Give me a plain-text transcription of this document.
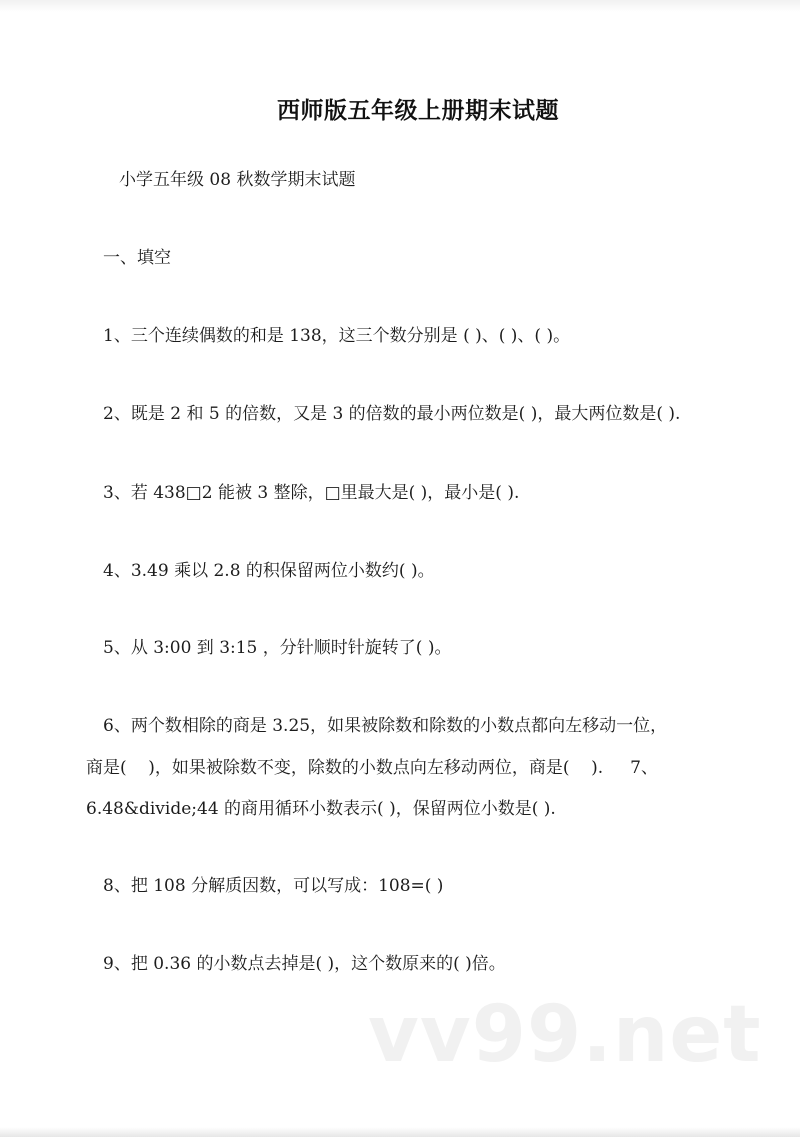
西师版五年级上册期末试题
小学五年级 08 秋数学期末试题
一、填空
1、三个连续偶数的和是 138，这三个数分别是 ( )、( )、( )。
2、既是 2 和 5 的倍数，又是 3 的倍数的最小两位数是( )，最大两位数是( ).
3、若 438□2 能被 3 整除，□里最大是( )，最小是( ).
4、3.49 乘以 2.8 的积保留两位小数约( )。
5、从 3:00 到 3:15 ，分针顺时针旋转了( )。
6、两个数相除的商是 3.25，如果被除数和除数的小数点都向左移动一位，
商是(    )，如果被除数不变，除数的小数点向左移动两位，商是(    ).     7、
6.48&divide;44 的商用循环小数表示( )，保留两位小数是( ).
8、把 108 分解质因数，可以写成：108=( )
9、把 0.36 的小数点去掉是( )，这个数原来的( )倍。
vv99.net
